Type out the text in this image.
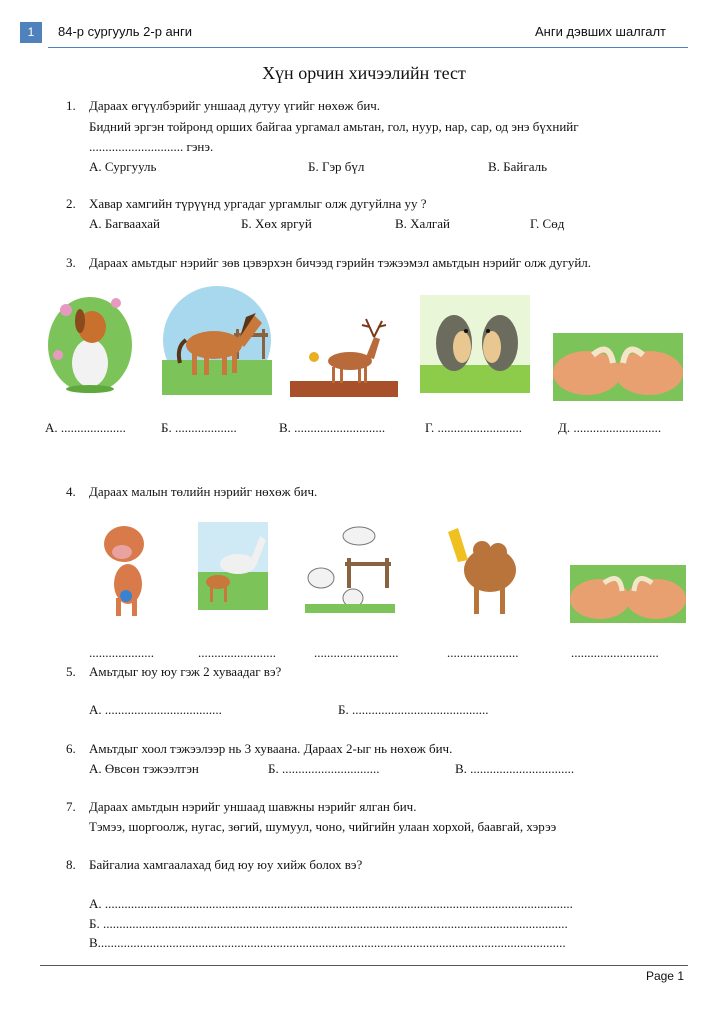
1	84-р сургууль 2-р анги	Анги дэвших шалгалт
Хүн орчин хичээлийн тест
1. Дараах өгүүлбэрийг уншаад дутуу үгийг нөхөж бич.
Бидний эргэн тойронд орших байгаа ургамал амьтан, гол, нуур, нар, сар, од энэ бүхнийг
............................. гэнэ.
А. Сургууль	Б. Гэр бүл	В. Байгаль
2. Хавар хамгийн түрүүнд ургадаг ургамлыг олж дугуйлна уу ?
А. Багваахай	Б. Хөх яргуй	В. Халгай	Г. Сөд
3. Дараах амьтдыг нэрийг зөв цэвэрхэн бичээд гэрийн тэжээмэл амьтдын нэрийг олж дугуйл.
А. ....................	Б. ...................	В. ............................	Г. ..........................	Д. ...........................
4. Дараах малын төлийн нэрийг нөхөж бич.
....................	........................	..........................	......................	...........................
5. Амьтдыг юу юу гэж 2 хуваадаг вэ?
А. ....................................	Б. ..........................................
6. Амьтдыг хоол тэжээлээр нь 3 хуваана. Дараах 2-ыг нь нөхөж бич.
А. Өвсөн тэжээлтэн	Б. ..............................	В. ................................
7. Дараах амьтдын нэрийг уншаад шавжны нэрийг ялган бич.
Тэмээ, шоргоолж, нугас, зөгий, шумуул, чоно, чийгийн улаан хорхой, баавгай, хэрээ
8. Байгалиа хамгаалахад бид юу юу хийж болох вэ?
А. ................................................................................................................................................
Б. ...............................................................................................................................................
В................................................................................................................................................
Page 1
